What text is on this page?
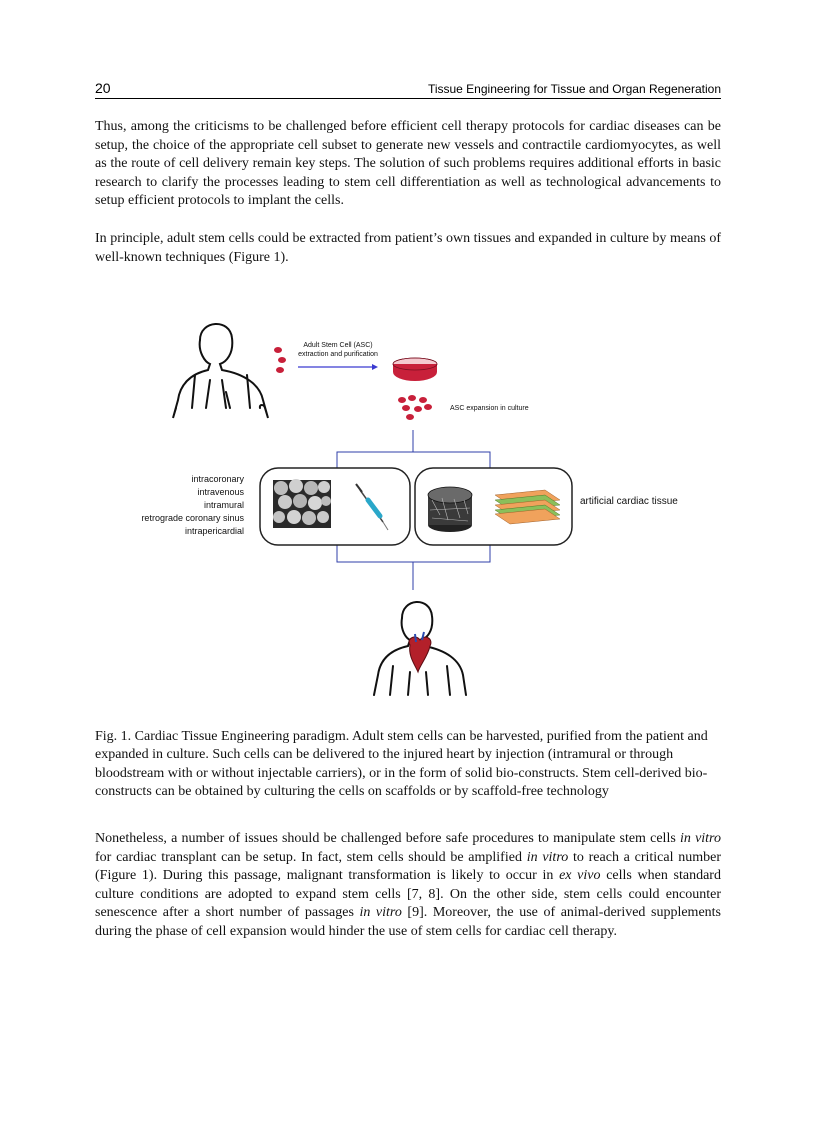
20	Tissue Engineering for Tissue and Organ Regeneration

Thus, among the criticisms to be challenged before efficient cell therapy protocols for cardiac diseases can be setup, the choice of the appropriate cell subset to generate new vessels and contractile cardiomyocytes, as well as the route of cell delivery remain key steps. The solution of such problems requires additional efforts in basic research to clarify the processes leading to stem cell differentiation as well as technological advancements to setup efficient protocols to implant the cells.

In principle, adult stem cells could be extracted from patient’s own tissues and expanded in culture by means of well-known techniques (Figure 1).

Adult Stem Cell (ASC)
extraction and purification
ASC expansion in culture
artificial cardiac tissue
intracoronary
intravenous
intramural
retrograde coronary sinus
intrapericardial

Fig. 1. Cardiac Tissue Engineering paradigm. Adult stem cells can be harvested, purified from the patient and expanded in culture. Such cells can be delivered to the injured heart by injection (intramural or through bloodstream with or without injectable carriers), or in the form of solid bio-constructs. Stem cell-derived bio-constructs can be obtained by culturing the cells on scaffolds or by scaffold-free technology

Nonetheless, a number of issues should be challenged before safe procedures to manipulate stem cells in vitro for cardiac transplant can be setup. In fact, stem cells should be amplified in vitro to reach a critical number (Figure 1). During this passage, malignant transformation is likely to occur in ex vivo cells when standard culture conditions are adopted to expand stem cells [7, 8]. On the other side, stem cells could encounter senescence after a short number of passages in vitro [9]. Moreover, the use of animal-derived supplements during the phase of cell expansion would hinder the use of stem cells for cardiac cell therapy.
